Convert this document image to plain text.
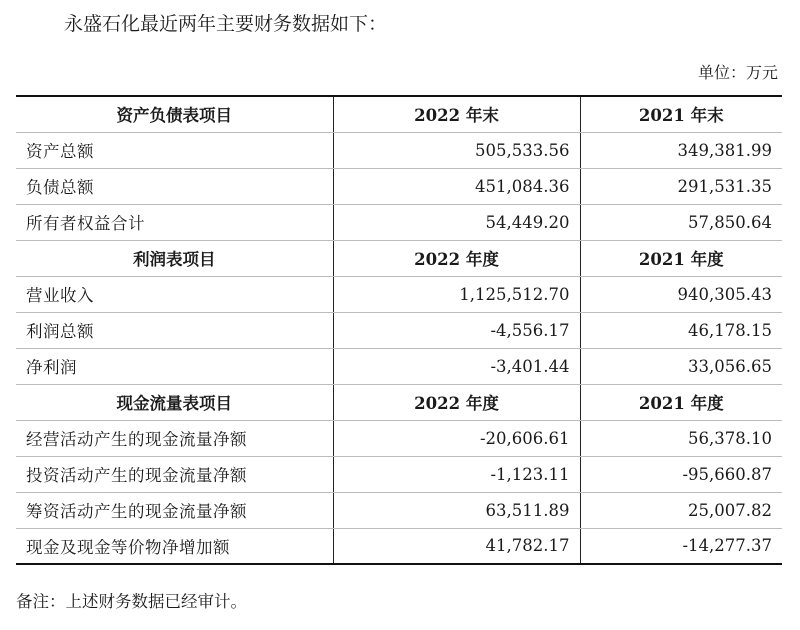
永盛石化最近两年主要财务数据如下：
单位：万元
资产负债表项目	2022 年末	2021 年末
资产总额	505,533.56	349,381.99
负债总额	451,084.36	291,531.35
所有者权益合计	54,449.20	57,850.64
利润表项目	2022 年度	2021 年度
营业收入	1,125,512.70	940,305.43
利润总额	-4,556.17	46,178.15
净利润	-3,401.44	33,056.65
现金流量表项目	2022 年度	2021 年度
经营活动产生的现金流量净额	-20,606.61	56,378.10
投资活动产生的现金流量净额	-1,123.11	-95,660.87
筹资活动产生的现金流量净额	63,511.89	25,007.82
现金及现金等价物净增加额	41,782.17	-14,277.37
备注：上述财务数据已经审计。
